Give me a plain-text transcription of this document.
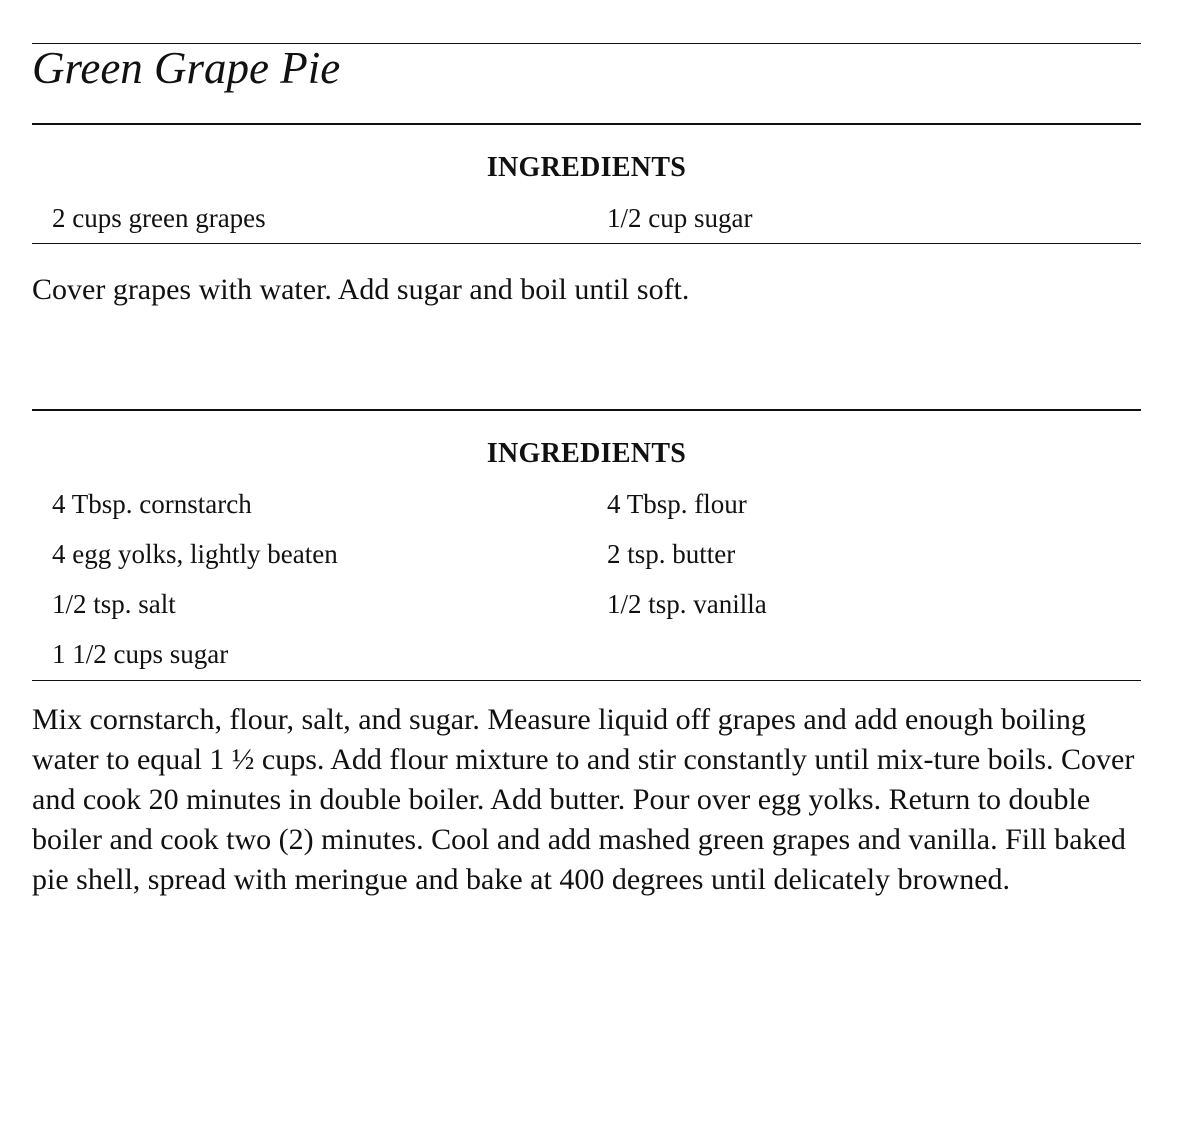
Green Grape Pie
INGREDIENTS
2 cups green grapes	1/2 cup sugar

Cover grapes with water. Add sugar and boil until soft.

INGREDIENTS
4 Tbsp. cornstarch	4 Tbsp. flour
4 egg yolks, lightly beaten	2 tsp. butter
1/2 tsp. salt	1/2 tsp. vanilla
1 1/2 cups sugar

Mix cornstarch, flour, salt, and sugar. Measure liquid off grapes and add enough boiling water to equal 1 ½ cups. Add flour mixture to and stir constantly until mix-ture boils. Cover and cook 20 minutes in double boiler. Add butter. Pour over egg yolks. Return to double boiler and cook two (2) minutes. Cool and add mashed green grapes and vanilla. Fill baked pie shell, spread with meringue and bake at 400 degrees until delicately browned.
